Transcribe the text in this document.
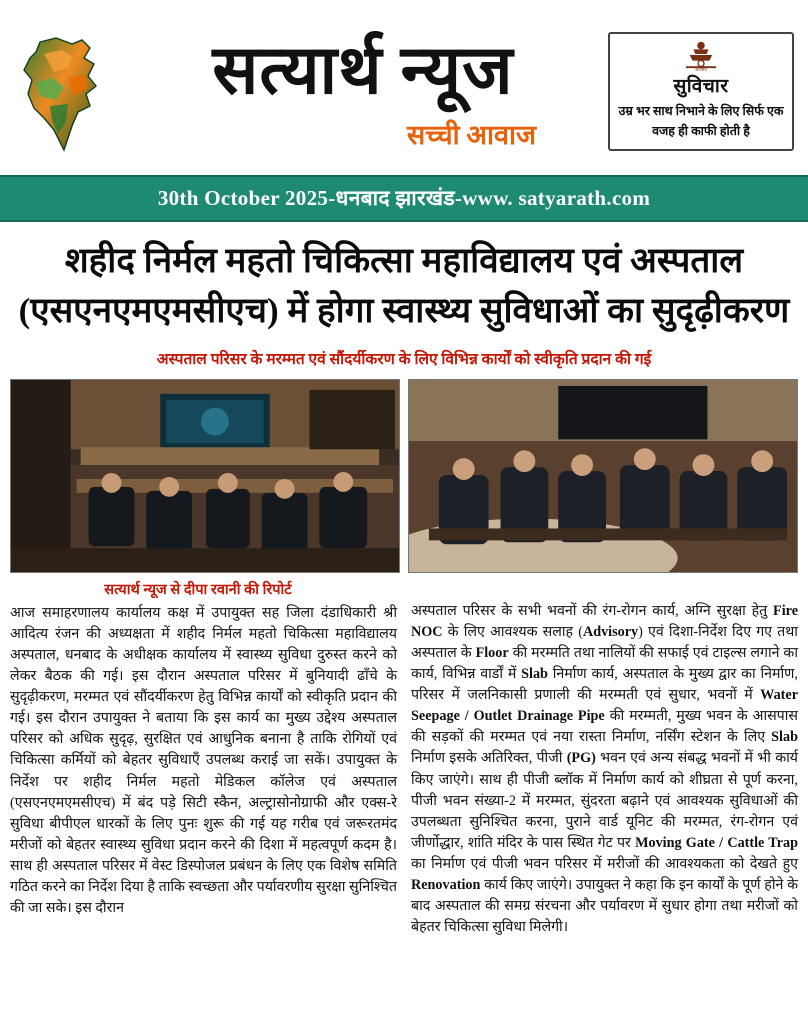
सत्यार्थ न्यूज
सच्ची आवाज
सत्यमेव
सुविचार
उम्र भर साथ निभाने के लिए सिर्फ एक वजह ही काफी होती है
30th October 2025-धनबाद झारखंड-www. satyarath.com
शहीद निर्मल महतो चिकित्सा महाविद्यालय एवं अस्पताल (एसएनएमएमसीएच) में होगा स्वास्थ्य सुविधाओं का सुदृढ़ीकरण
अस्पताल परिसर के मरम्मत एवं सौंदर्यीकरण के लिए विभिन्न कार्यों को स्वीकृति प्रदान की गई
सत्यार्थ न्यूज से दीपा रवानी की रिपोर्ट
आज समाहरणालय कार्यालय कक्ष में उपायुक्त सह जिला दंडाधिकारी श्री आदित्य रंजन की अध्यक्षता में शहीद निर्मल महतो चिकित्सा महाविद्यालय अस्पताल, धनबाद के अधीक्षक कार्यालय में स्वास्थ्य सुविधा दुरुस्त करने को लेकर बैठक की गई। इस दौरान अस्पताल परिसर में बुनियादी ढाँचे के सुदृढ़ीकरण, मरम्मत एवं सौंदर्यीकरण हेतु विभिन्न कार्यों को स्वीकृति प्रदान की गई। इस दौरान उपायुक्त ने बताया कि इस कार्य का मुख्य उद्देश्य अस्पताल परिसर को अधिक सुदृढ़, सुरक्षित एवं आधुनिक बनाना है ताकि रोगियों एवं चिकित्सा कर्मियों को बेहतर सुविधाएँ उपलब्ध कराई जा सकें। उपायुक्त के निर्देश पर शहीद निर्मल महतो मेडिकल कॉलेज एवं अस्पताल (एसएनएमएमसीएच) में बंद पड़े सिटी स्कैन, अल्ट्रासोनोग्राफी और एक्स-रे सुविधा बीपीएल धारकों के लिए पुनः शुरू की गई यह गरीब एवं जरूरतमंद मरीजों को बेहतर स्वास्थ्य सुविधा प्रदान करने की दिशा में महत्वपूर्ण कदम है। साथ ही अस्पताल परिसर में वेस्ट डिस्पोजल प्रबंधन के लिए एक विशेष समिति गठित करने का निर्देश दिया है ताकि स्वच्छता और पर्यावरणीय सुरक्षा सुनिश्चित की जा सके। इस दौरान
अस्पताल परिसर के सभी भवनों की रंग-रोगन कार्य, अग्नि सुरक्षा हेतु Fire NOC के लिए आवश्यक सलाह (Advisory) एवं दिशा-निर्देश दिए गए तथा अस्पताल के Floor की मरम्मति तथा नालियों की सफाई एवं टाइल्स लगाने का कार्य, विभिन्न वार्डों में Slab निर्माण कार्य, अस्पताल के मुख्य द्वार का निर्माण, परिसर में जलनिकासी प्रणाली की मरम्मती एवं सुधार, भवनों में Water Seepage / Outlet Drainage Pipe की मरम्मती, मुख्य भवन के आसपास की सड़कों की मरम्मत एवं नया रास्ता निर्माण, नर्सिंग स्टेशन के लिए Slab निर्माण इसके अतिरिक्त, पीजी (PG) भवन एवं अन्य संबद्ध भवनों में भी कार्य किए जाएंगे। साथ ही पीजी ब्लॉक में निर्माण कार्य को शीघ्रता से पूर्ण करना, पीजी भवन संख्या-2 में मरम्मत, सुंदरता बढ़ाने एवं आवश्यक सुविधाओं की उपलब्धता सुनिश्चित करना, पुराने वार्ड यूनिट की मरम्मत, रंग-रोगन एवं जीर्णोद्धार, शांति मंदिर के पास स्थित गेट पर Moving Gate / Cattle Trap का निर्माण एवं पीजी भवन परिसर में मरीजों की आवश्यकता को देखते हुए Renovation कार्य किए जाएंगे। उपायुक्त ने कहा कि इन कार्यों के पूर्ण होने के बाद अस्पताल की समग्र संरचना और पर्यावरण में सुधार होगा तथा मरीजों को बेहतर चिकित्सा सुविधा मिलेगी।
